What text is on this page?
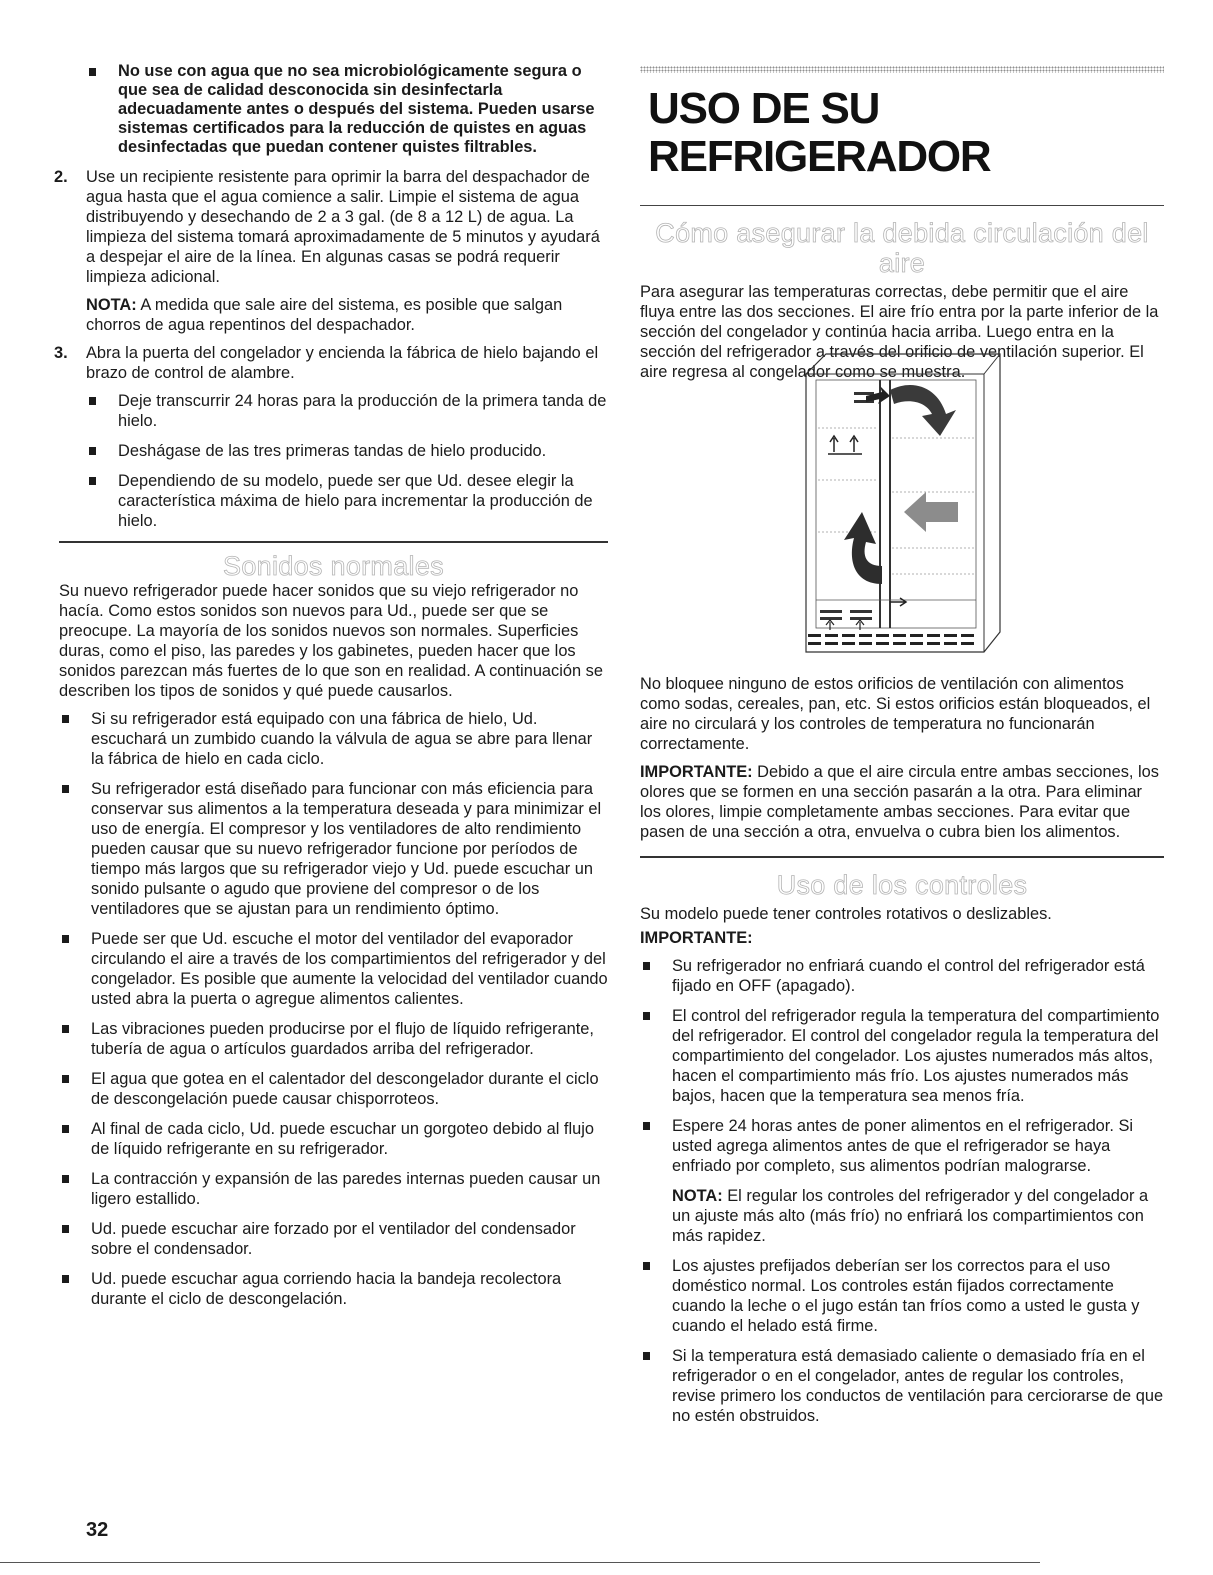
No use con agua que no sea microbiológicamente segura o que sea de calidad desconocida sin desinfectarla adecuadamente antes o después del sistema. Pueden usarse sistemas certificados para la reducción de quistes en aguas desinfectadas que puedan contener quistes filtrables.

2. Use un recipiente resistente para oprimir la barra del despachador de agua hasta que el agua comience a salir. Limpie el sistema de agua distribuyendo y desechando de 2 a 3 gal. (de 8 a 12 L) de agua. La limpieza del sistema tomará aproximadamente de 5 minutos y ayudará a despejar el aire de la línea. En algunas casas se podrá requerir limpieza adicional.

NOTA: A medida que sale aire del sistema, es posible que salgan chorros de agua repentinos del despachador.

3. Abra la puerta del congelador y encienda la fábrica de hielo bajando el brazo de control de alambre.

Deje transcurrir 24 horas para la producción de la primera tanda de hielo.

Deshágase de las tres primeras tandas de hielo producido.

Dependiendo de su modelo, puede ser que Ud. desee elegir la característica máxima de hielo para incrementar la producción de hielo.

Sonidos normales

Su nuevo refrigerador puede hacer sonidos que su viejo refrigerador no hacía. Como estos sonidos son nuevos para Ud., puede ser que se preocupe. La mayoría de los sonidos nuevos son normales. Superficies duras, como el piso, las paredes y los gabinetes, pueden hacer que los sonidos parezcan más fuertes de lo que son en realidad. A continuación se describen los tipos de sonidos y qué puede causarlos.

Si su refrigerador está equipado con una fábrica de hielo, Ud. escuchará un zumbido cuando la válvula de agua se abre para llenar la fábrica de hielo en cada ciclo.

Su refrigerador está diseñado para funcionar con más eficiencia para conservar sus alimentos a la temperatura deseada y para minimizar el uso de energía. El compresor y los ventiladores de alto rendimiento pueden causar que su nuevo refrigerador funcione por períodos de tiempo más largos que su refrigerador viejo y Ud. puede escuchar un sonido pulsante o agudo que proviene del compresor o de los ventiladores que se ajustan para un rendimiento óptimo.

Puede ser que Ud. escuche el motor del ventilador del evaporador circulando el aire a través de los compartimientos del refrigerador y del congelador. Es posible que aumente la velocidad del ventilador cuando usted abra la puerta o agregue alimentos calientes.

Las vibraciones pueden producirse por el flujo de líquido refrigerante, tubería de agua o artículos guardados arriba del refrigerador.

El agua que gotea en el calentador del descongelador durante el ciclo de descongelación puede causar chisporroteos.

Al final de cada ciclo, Ud. puede escuchar un gorgoteo debido al flujo de líquido refrigerante en su refrigerador.

La contracción y expansión de las paredes internas pueden causar un ligero estallido.

Ud. puede escuchar aire forzado por el ventilador del condensador sobre el condensador.

Ud. puede escuchar agua corriendo hacia la bandeja recolectora durante el ciclo de descongelación.

USO DE SU REFRIGERADOR
Cómo asegurar la debida circulación del aire

Para asegurar las temperaturas correctas, debe permitir que el aire fluya entre las dos secciones. El aire frío entra por la parte inferior de la sección del congelador y continúa hacia arriba. Luego entra en la sección del refrigerador a través del orificio de ventilación superior. El aire regresa al congelador como se muestra.

No bloquee ninguno de estos orificios de ventilación con alimentos como sodas, cereales, pan, etc. Si estos orificios están bloqueados, el aire no circulará y los controles de temperatura no funcionarán correctamente.

IMPORTANTE: Debido a que el aire circula entre ambas secciones, los olores que se formen en una sección pasarán a la otra. Para eliminar los olores, limpie completamente ambas secciones. Para evitar que pasen de una sección a otra, envuelva o cubra bien los alimentos.

Uso de los controles

Su modelo puede tener controles rotativos o deslizables.

IMPORTANTE:

Su refrigerador no enfriará cuando el control del refrigerador está fijado en OFF (apagado).

El control del refrigerador regula la temperatura del compartimiento del refrigerador. El control del congelador regula la temperatura del compartimiento del congelador. Los ajustes numerados más altos, hacen el compartimiento más frío. Los ajustes numerados más bajos, hacen que la temperatura sea menos fría.

Espere 24 horas antes de poner alimentos en el refrigerador. Si usted agrega alimentos antes de que el refrigerador se haya enfriado por completo, sus alimentos podrían malograrse.

NOTA: El regular los controles del refrigerador y del congelador a un ajuste más alto (más frío) no enfriará los compartimientos con más rapidez.

Los ajustes prefijados deberían ser los correctos para el uso doméstico normal. Los controles están fijados correctamente cuando la leche o el jugo están tan fríos como a usted le gusta y cuando el helado está firme.

Si la temperatura está demasiado caliente o demasiado fría en el refrigerador o en el congelador, antes de regular los controles, revise primero los conductos de ventilación para cerciorarse de que no estén obstruidos.

32
